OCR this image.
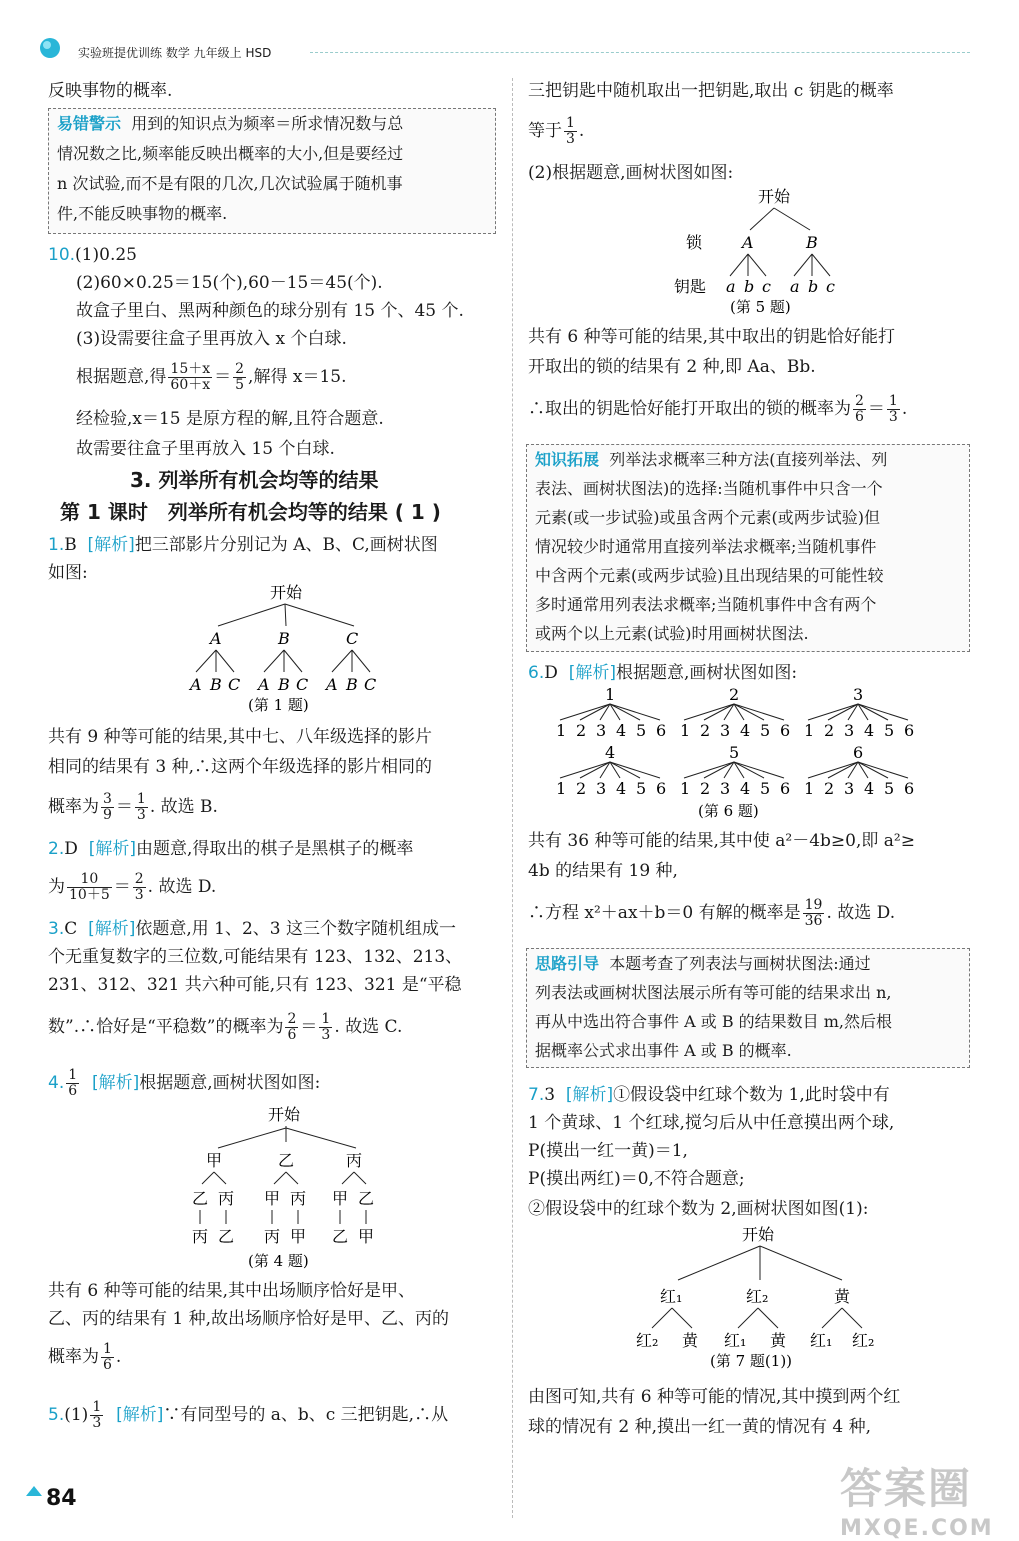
实验班提优训练 数学 九年级上 HSD
反映事物的概率.
易错警示 用到的知识点为频率＝所求情况数与总
情况数之比,频率能反映出概率的大小,但是要经过
n 次试验,而不是有限的几次,几次试验属于随机事
件,不能反映事物的概率.
10.(1)0.25
(2)60×0.25＝15(个),60－15＝45(个).
故盒子里白、黑两种颜色的球分别有 15 个、45 个.
(3)设需要往盒子里再放入 x 个白球.
根据题意,得 $\frac{15+x}{60+x} = \frac{2}{5}$ ,解得 x＝15.
经检验,x＝15 是原方程的解,且符合题意.
故需要往盒子里再放入 15 个白球.
3. 列举所有机会均等的结果
第 1 课时　列举所有机会均等的结果 ( 1 )
1.B [解析]把三部影片分别记为 A、B、C,画树状图
如图:
开始
A	B	C
A B C A B C A B C
(第 1 题)
共有 9 种等可能的结果,其中七、八年级选择的影片
相同的结果有 3 种,∴这两个年级选择的影片相同的
概率为 $\frac{3}{9} = \frac{1}{3}$ . 故选 B.
2.D [解析]由题意,得取出的棋子是黑棋子的概率
为 $\frac{10}{10+5} = \frac{2}{3}$ . 故选 D.
3.C [解析]依题意,用 1、2、3 这三个数字随机组成一
个无重复数字的三位数,可能结果有 123、132、213、
231、312、321 共六种可能,只有 123、321 是“平稳
数”.∴恰好是“平稳数”的概率为 $\frac{2}{6} = \frac{1}{3}$ . 故选 C.
4. $\frac{1}{6}$ [解析]根据题意,画树状图如图:
开始
甲	乙	丙
乙 丙 甲 丙 甲 乙
丙 乙 丙 甲 乙 甲
(第 4 题)
共有 6 种等可能的结果,其中出场顺序恰好是甲、
乙、丙的结果有 1 种,故出场顺序恰好是甲、乙、丙的
概率为 $\frac{1}{6}$ .
$5.(1) \frac{1}{3}$ [解析]∵有同型号的 a、b、c 三把钥匙,∴从
三把钥匙中随机取出一把钥匙,取出 c 钥匙的概率
等于 $\frac{1}{3}$ .
(2)根据题意,画树状图如图:
开始
锁 A	B
钥匙 a b c a b c
(第 5 题)
共有 6 种等可能的结果,其中取出的钥匙恰好能打
开取出的锁的结果有 2 种,即 Aa、Bb.
∴取出的钥匙恰好能打开取出的锁的概率为 $\frac{2}{6} = \frac{1}{3}$ .
知识拓展 列举法求概率三种方法(直接列举法、列
表法、画树状图法)的选择:当随机事件中只含一个
元素(或一步试验)或虽含两个元素(或两步试验)但
情况较少时通常用直接列举法求概率;当随机事件
中含两个元素(或两步试验)且出现结果的可能性较
多时通常用列表法求概率;当随机事件中含有两个
或两个以上元素(试验)时用画树状图法.
6.D [解析]根据题意,画树状图如图:
1
1 2 3 4 5 6
2
1 2 3 4 5 6
3
1 2 3 4 5 6
4
1 2 3 4 5 6
5
1 2 3 4 5 6
6
1 2 3 4 5 6
(第 6 题)
共有 36 种等可能的结果,其中使 a²－4b≥0,即 a²≥
4b 的结果有 19 种,
∴方程 x²＋ax＋b＝0 有解的概率是 $\frac{19}{36}$ . 故选 D.
思路引导 本题考查了列表法与画树状图法:通过
列表法或画树状图法展示所有等可能的结果求出 n,
再从中选出符合事件 A 或 B 的结果数目 m,然后根
据概率公式求出事件 A 或 B 的概率.
7.3 [解析]①假设袋中红球个数为 1,此时袋中有
1 个黄球、1 个红球,搅匀后从中任意摸出两个球,
P(摸出一红一黄)＝1,
P(摸出两红)＝0,不符合题意;
②假设袋中的红球个数为 2,画树状图如图(1):
开始
红₁	红₂	黄
红₂ 黄 红₁ 黄 红₁ 红₂
(第 7 题(1))
由图可知,共有 6 种等可能的情况,其中摸到两个红
球的情况有 2 种,摸出一红一黄的情况有 4 种,
84	答案圈
MXQE.COM
